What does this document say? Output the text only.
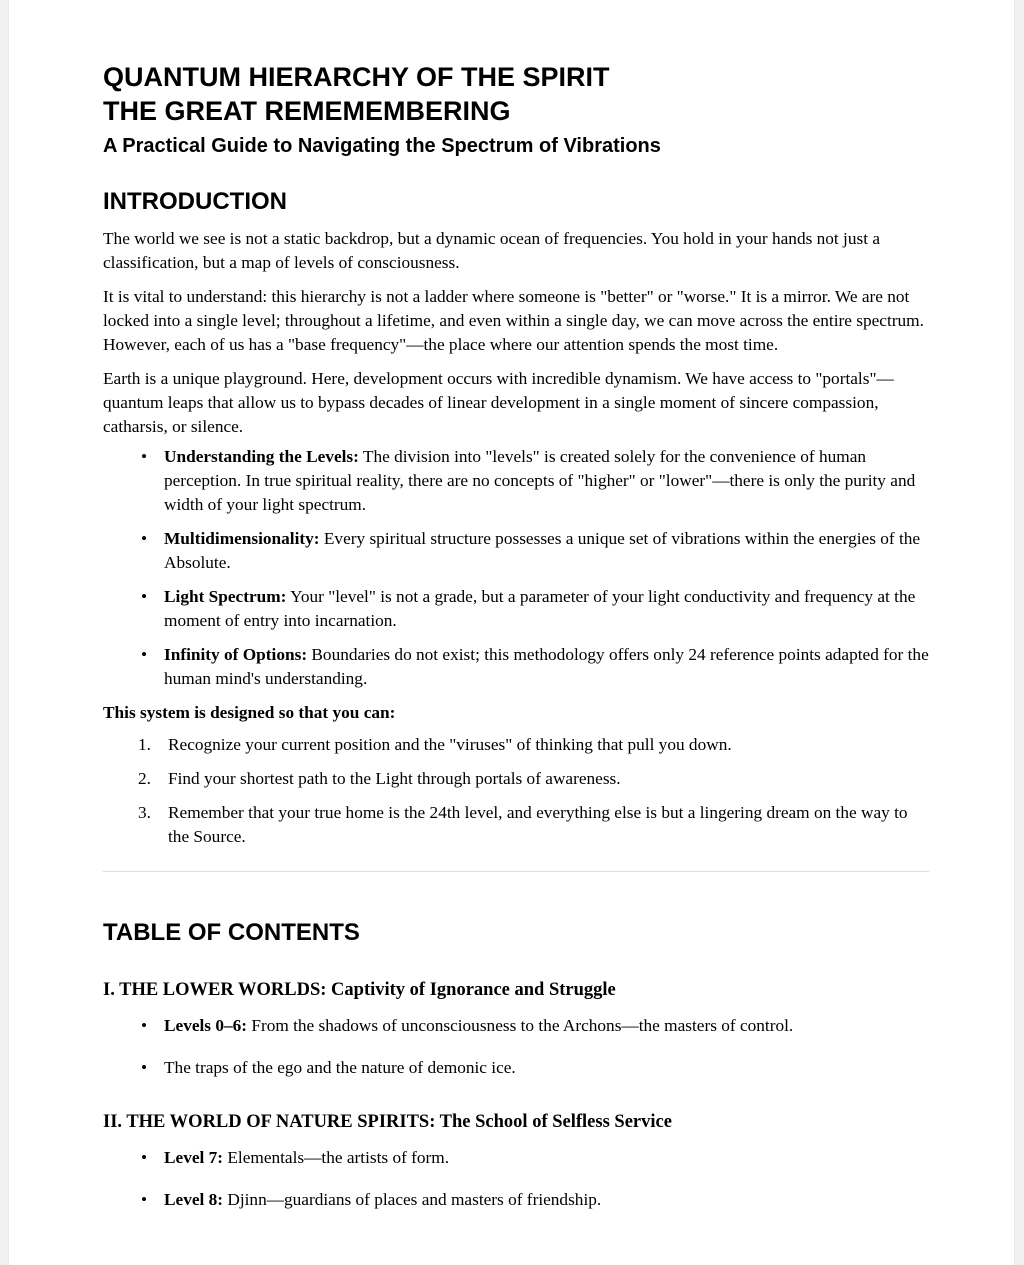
QUANTUM HIERARCHY OF THE SPIRIT
THE GREAT REMEMEMBERING
A Practical Guide to Navigating the Spectrum of Vibrations
INTRODUCTION

The world we see is not a static backdrop, but a dynamic ocean of frequencies. You hold in your hands not just a classification, but a map of levels of consciousness.

It is vital to understand: this hierarchy is not a ladder where someone is "better" or "worse." It is a mirror. We are not locked into a single level; throughout a lifetime, and even within a single day, we can move across the entire spectrum. However, each of us has a "base frequency"—the place where our attention spends the most time.

Earth is a unique playground. Here, development occurs with incredible dynamism. We have access to "portals"—quantum leaps that allow us to bypass decades of linear development in a single moment of sincere compassion, catharsis, or silence.

• Understanding the Levels: The division into "levels" is created solely for the convenience of human perception. In true spiritual reality, there are no concepts of "higher" or "lower"—there is only the purity and width of your light spectrum.
• Multidimensionality: Every spiritual structure possesses a unique set of vibrations within the energies of the Absolute.
• Light Spectrum: Your "level" is not a grade, but a parameter of your light conductivity and frequency at the moment of entry into incarnation.
• Infinity of Options: Boundaries do not exist; this methodology offers only 24 reference points adapted for the human mind's understanding.

This system is designed so that you can:

Recognize your current position and the "viruses" of thinking that pull you down.
Find your shortest path to the Light through portals of awareness.
Remember that your true home is the 24th level, and everything else is but a lingering dream on the way to the Source.
TABLE OF CONTENTS

I. THE LOWER WORLDS: Captivity of Ignorance and Struggle

• Levels 0–6: From the shadows of unconsciousness to the Archons—the masters of control.
• The traps of the ego and the nature of demonic ice.

II. THE WORLD OF NATURE SPIRITS: The School of Selfless Service

• Level 7: Elementals—the artists of form.
• Level 8: Djinn—guardians of places and masters of friendship.
